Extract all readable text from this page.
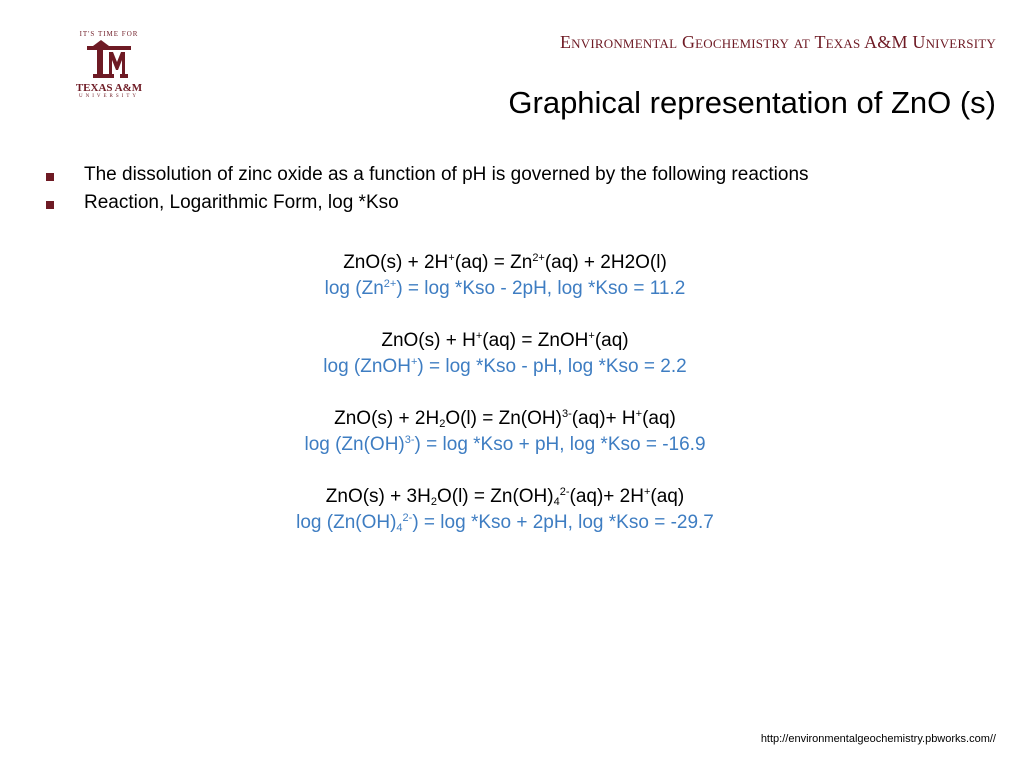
IT'S TIME FOR
TEXAS A&M
UNIVERSITY
Environmental Geochemistry at Texas A&M University
Graphical representation of ZnO (s)
The dissolution of zinc oxide as a function of pH is governed by the following reactions
Reaction, Logarithmic Form, log *Kso
$ZnO(s) + 2H^+(aq) = Zn^{2+}(aq) + 2H2O(l)$
$\log (Zn^{2+}) = \log *Kso - 2pH$, log *Kso = 11.2
ZnO(s) + H+(aq) = ZnOH+(aq)
log (ZnOH+) = log *Kso - pH, log *Kso = 2.2
$ZnO(s) + 2H_2O(l) = Zn(OH)^{3-}(aq)+ H^+(aq)$
log (Zn(OH)$^{3-}$) = log *Kso + pH, log *Kso = -16.9
$ZnO(s) + 3H_2O(l) = Zn(OH)_4^{2-}(aq)+ 2H^+(aq)$
$\log (Zn(OH)_4^{2-}) = \log *Kso + 2pH$, log *Kso = -29.7
http://environmentalgeochemistry.pbworks.com//
